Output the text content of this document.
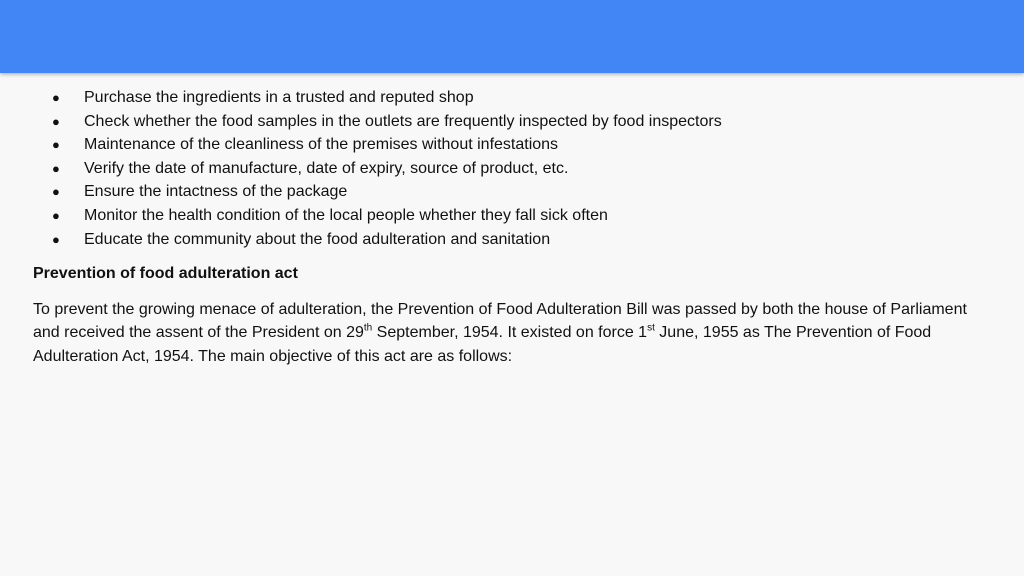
●	Purchase the ingredients in a trusted and reputed shop
●	Check whether the food samples in the outlets are frequently inspected by food inspectors
●	Maintenance of the cleanliness of the premises without infestations
●	Verify the date of manufacture, date of expiry, source of product, etc.
●	Ensure the intactness of the package
●	Monitor the health condition of the local people whether they fall sick often
●	Educate the community about the food adulteration and sanitation
Prevention of food adulteration act

To prevent the growing menace of adulteration, the Prevention of Food Adulteration Bill was passed by both the house of Parliament and received the assent of the President on 29th September, 1954. It existed on force 1st June, 1955 as The Prevention of Food Adulteration Act, 1954. The main objective of this act are as follows:
